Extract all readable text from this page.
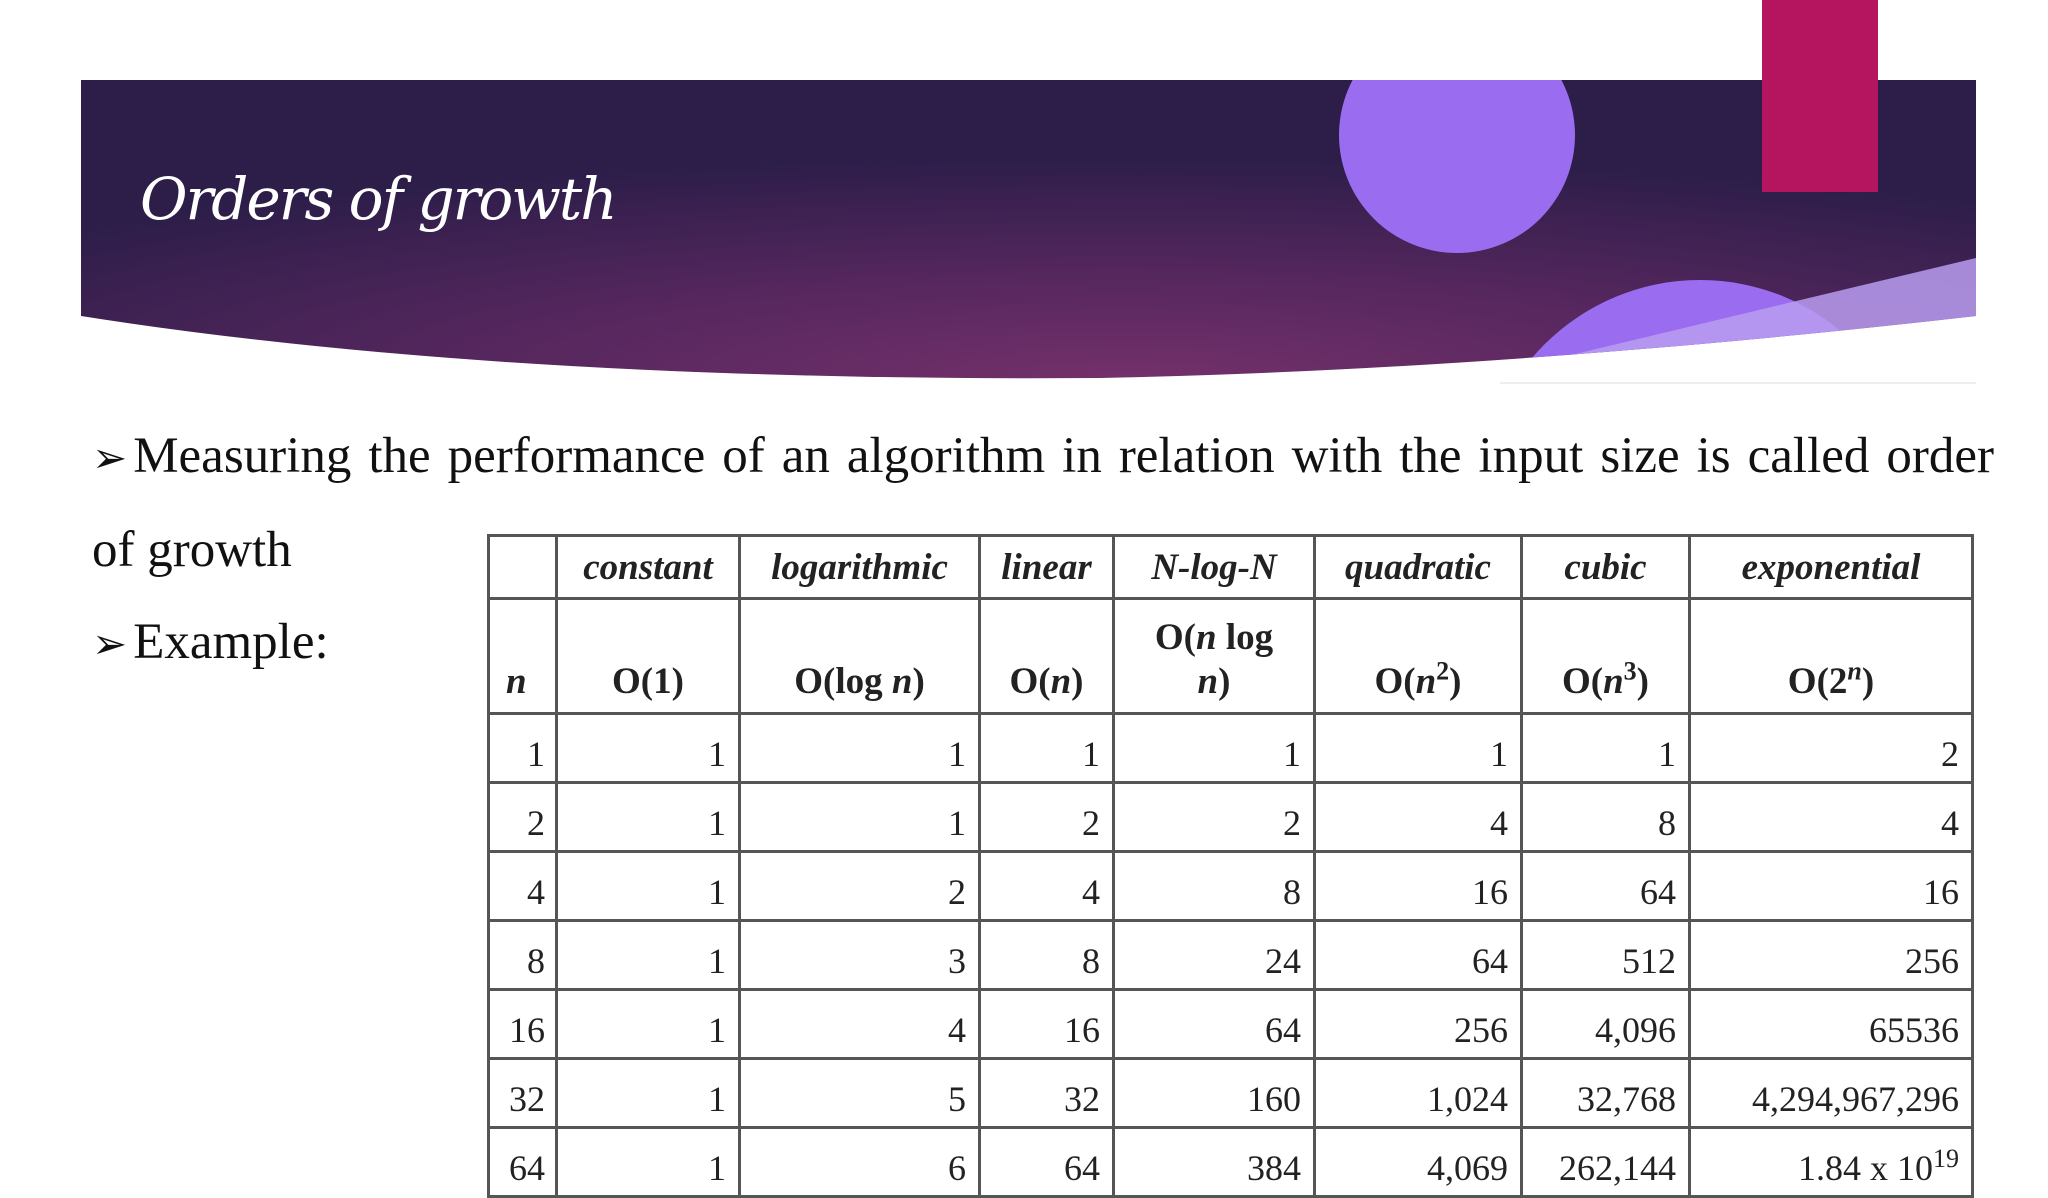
Orders of growth
➢ Measuring the performance of an algorithm in relation with the input size is called order
of growth
➢ Example:
	constant	logarithmic	linear	N-log-N	quadratic	cubic	exponential
n	O(1)	O(log n)	O(n)	O(n log
n)	$O(n^2)$	$O(n^3)$	O(2$^n$)
1	1	1	1	1	1	1	2
2	1	1	2	2	4	8	4
4	1	2	4	8	16	64	16
8	1	3	8	24	64	512	256
16	1	4	16	64	256	4,096	65536
32	1	5	32	160	1,024	32,768	4,294,967,296
64	1	6	64	384	4,069	262,144	1.84 x $10^{19}$
